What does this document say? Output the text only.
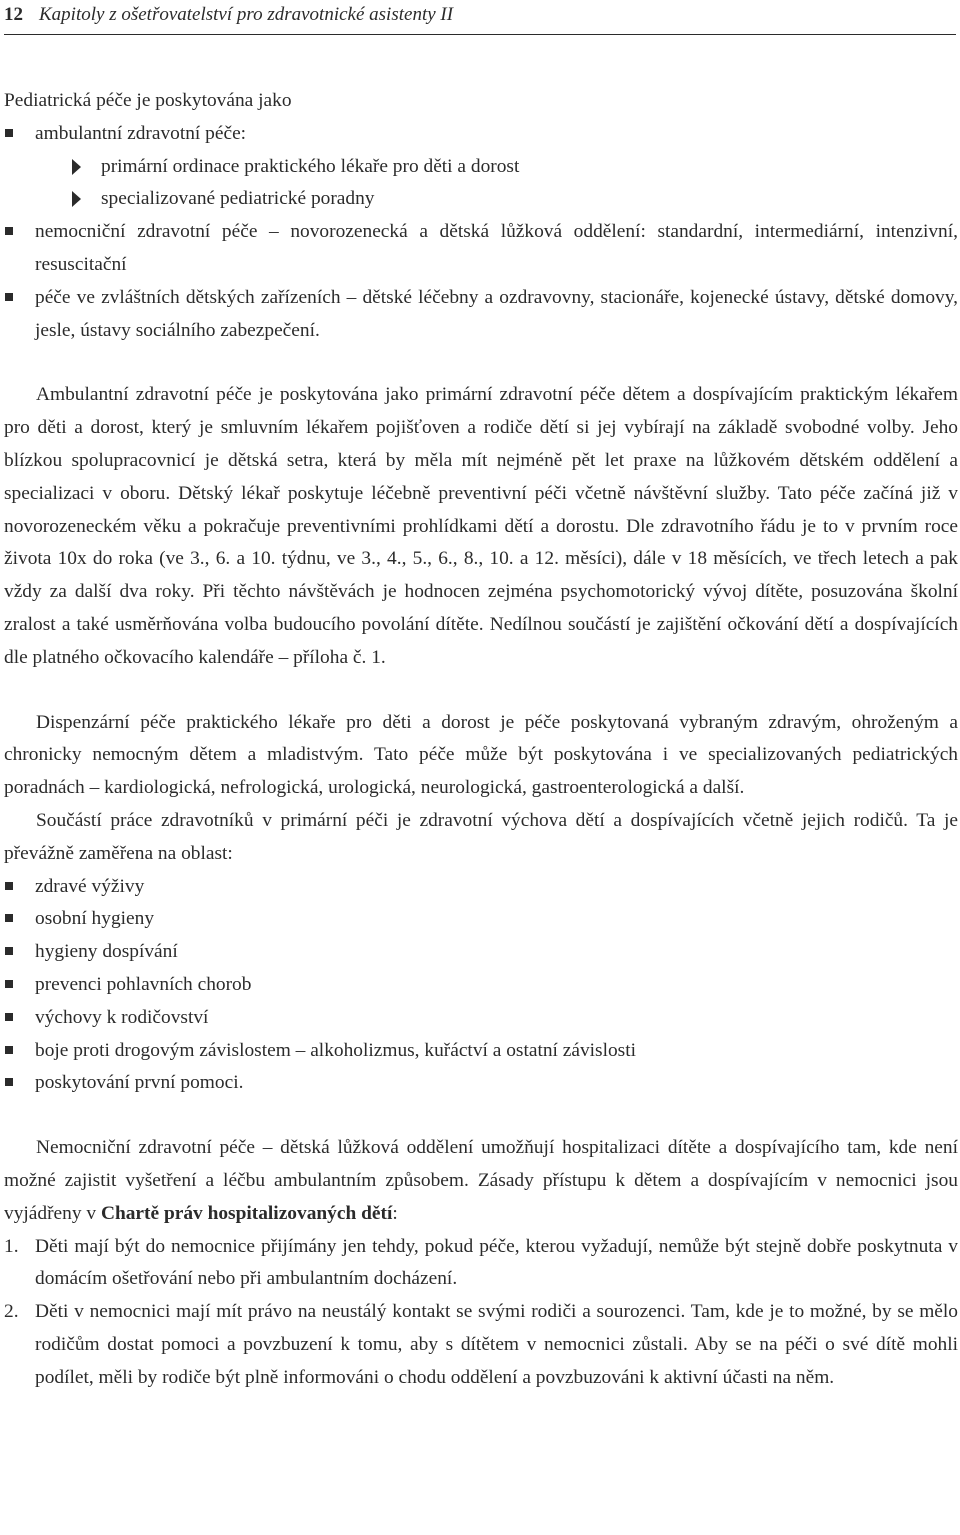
12 Kapitoly z ošetřovatelství pro zdravotnické asistenty II

Pediatrická péče je poskytována jako

ambulantní zdravotní péče:
primární ordinace praktického lékaře pro děti a dorost
specializované pediatrické poradny
nemocniční zdravotní péče – novorozenecká a dětská lůžková oddělení: standardní, intermediární, intenzivní, resuscitační
péče ve zvláštních dětských zařízeních – dětské léčebny a ozdravovny, stacionáře, kojenecké ústavy, dětské domovy, jesle, ústavy sociálního zabezpečení.

Ambulantní zdravotní péče je poskytována jako primární zdravotní péče dětem a dospívajícím praktickým lékařem pro děti a dorost, který je smluvním lékařem pojišťoven a rodiče dětí si jej vybírají na základě svobodné volby. Jeho blízkou spolupracovnicí je dětská setra, která by měla mít nejméně pět let praxe na lůžkovém dětském oddělení a specializaci v oboru. Dětský lékař poskytuje léčebně preventivní péči včetně návštěvní služby. Tato péče začíná již v novorozeneckém věku a pokračuje preventivními prohlídkami dětí a dorostu. Dle zdravotního řádu je to v prvním roce života 10x do roka (ve 3., 6. a 10. týdnu, ve 3., 4., 5., 6., 8., 10. a 12. měsíci), dále v 18 měsících, ve třech letech a pak vždy za další dva roky. Při těchto návštěvách je hodnocen zejména psychomotorický vývoj dítěte, posuzována školní zralost a také usměrňována volba budoucího povolání dítěte. Nedílnou součástí je zajištění očkování dětí a dospívajících dle platného očkovacího kalendáře – příloha č. 1.

Dispenzární péče praktického lékaře pro děti a dorost je péče poskytovaná vybraným zdravým, ohroženým a chronicky nemocným dětem a mladistvým. Tato péče může být poskytována i ve specializovaných pediatrických poradnách – kardiologická, nefrologická, urologická, neurologická, gastroenterologická a další.

Součástí práce zdravotníků v primární péči je zdravotní výchova dětí a dospívajících včetně jejich rodičů. Ta je převážně zaměřena na oblast:

zdravé výživy
osobní hygieny
hygieny dospívání
prevenci pohlavních chorob
výchovy k rodičovství
boje proti drogovým závislostem – alkoholizmus, kuřáctví a ostatní závislosti
poskytování první pomoci.

Nemocniční zdravotní péče – dětská lůžková oddělení umožňují hospitalizaci dítěte a dospívajícího tam, kde není možné zajistit vyšetření a léčbu ambulantním způsobem. Zásady přístupu k dětem a dospívajícím v nemocnici jsou vyjádřeny v Chartě práv hospitalizovaných dětí:

1. Děti mají být do nemocnice přijímány jen tehdy, pokud péče, kterou vyžadují, nemůže být stejně dobře poskytnuta v domácím ošetřování nebo při ambulantním docházení.
2. Děti v nemocnici mají mít právo na neustálý kontakt se svými rodiči a sourozenci. Tam, kde je to možné, by se mělo rodičům dostat pomoci a povzbuzení k tomu, aby s dítětem v nemocnici zůstali. Aby se na péči o své dítě mohli podílet, měli by rodiče být plně informováni o chodu oddělení a povzbuzováni k aktivní účasti na něm.
